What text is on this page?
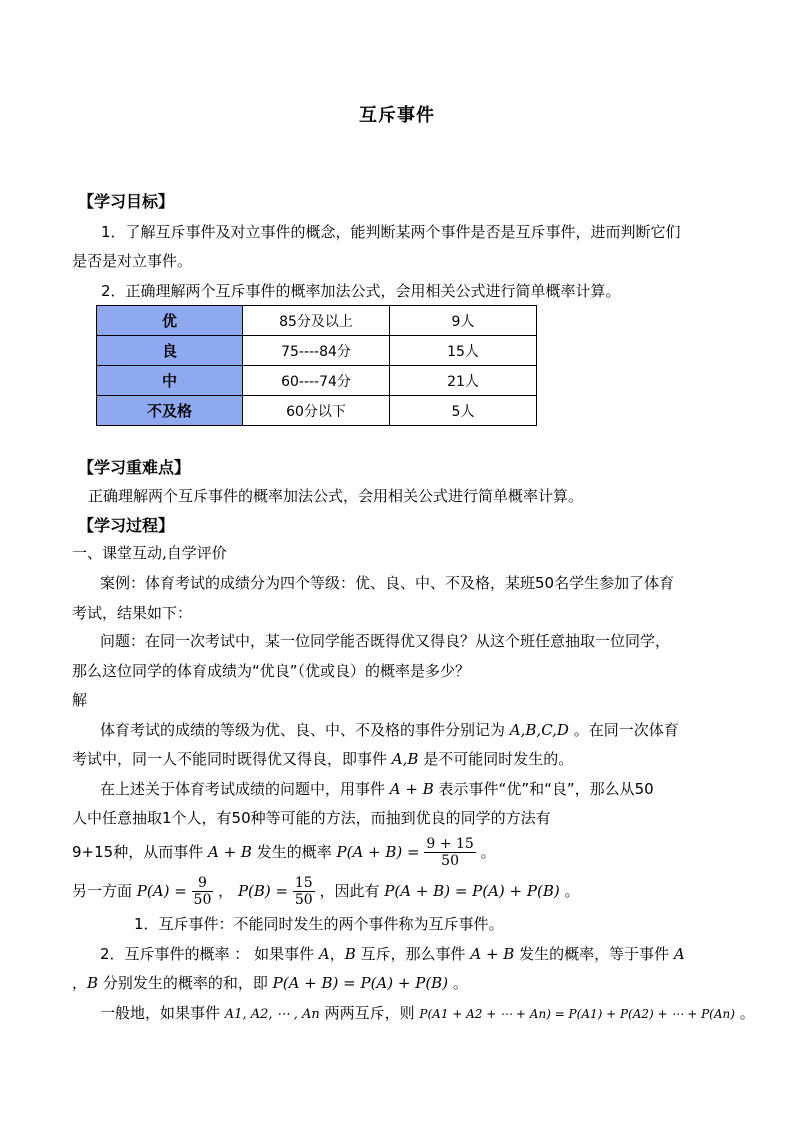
互斥事件
【学习目标】
1．了解互斥事件及对立事件的概念，能判断某两个事件是否是互斥事件，进而判断它们
是否是对立事件。
2．正确理解两个互斥事件的概率加法公式，会用相关公式进行简单概率计算。
优	85分及以上	9人
良	75----84分	15人
中	60----74分	21人
不及格	60分以下	5人
【学习重难点】
正确理解两个互斥事件的概率加法公式，会用相关公式进行简单概率计算。
【学习过程】
一、课堂互动,自学评价
案例：体育考试的成绩分为四个等级：优、良、中、不及格，某班50名学生参加了体育
考试，结果如下：
问题：在同一次考试中，某一位同学能否既得优又得良？从这个班任意抽取一位同学，
那么这位同学的体育成绩为“优良”（优或良）的概率是多少？
解
体育考试的成绩的等级为优、良、中、不及格的事件分别记为 A,B,C,D 。在同一次体育
考试中，同一人不能同时既得优又得良，即事件 A,B 是不可能同时发生的。
在上述关于体育考试成绩的问题中，用事件 A + B 表示事件“优”和“良”，那么从50
人中任意抽取1个人，有50种等可能的方法，而抽到优良的同学的方法有
9+15种，从而事件 A + B 发生的概率 $P(A + B) = \frac{9 + 15}{50}$ 。
另一方面 $P(A) = \frac{9}{50}$ ， $P(B) = \frac{15}{50}$ ，因此有 P(A + B) = P(A) + P(B) 。
1．互斥事件：不能同时发生的两个事件称为互斥事件。
2．互斥事件的概率 ： 如果事件 A，B 互斥，那么事件 A + B 发生的概率，等于事件 A
，B 分别发生的概率的和，即 P(A + B) = P(A) + P(B) 。
一般地，如果事件 A1, A2, ⋯ , An 两两互斥，则 P(A1 + A2 + ⋯ + An) = P(A1) + P(A2) + ⋯ + P(An) 。
